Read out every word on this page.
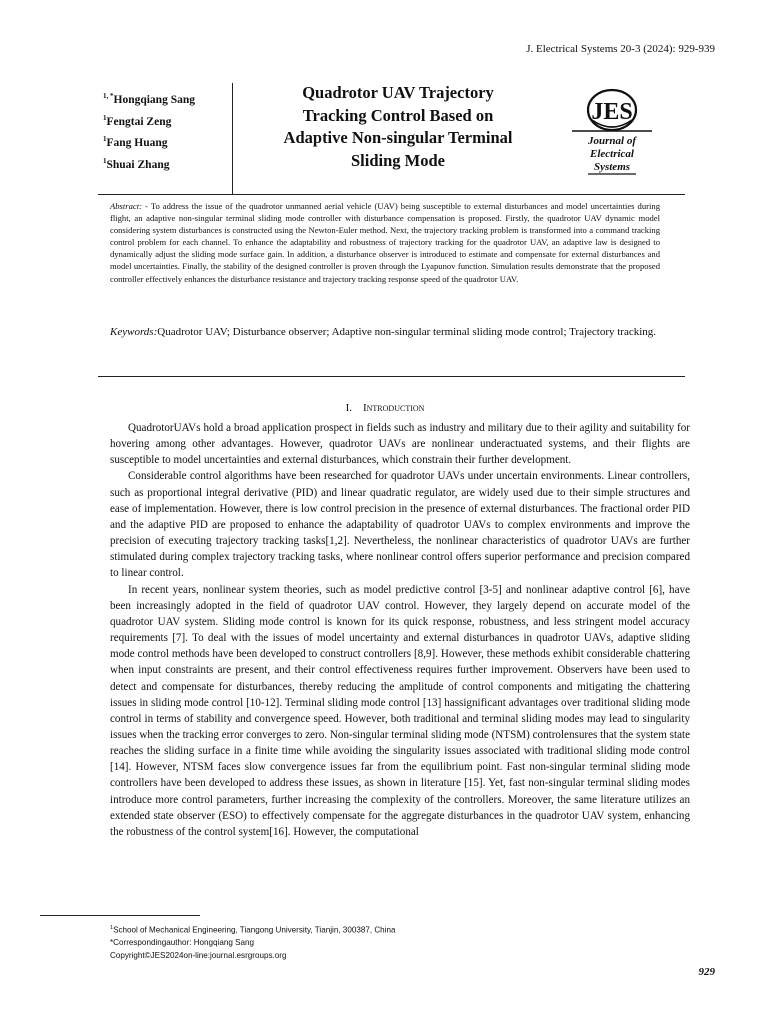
J. Electrical Systems 20-3 (2024): 929-939
$^{1, *}$Hongqiang Sang
$^1$Fengtai Zeng
$^1$Fang Huang
$^1$Shuai Zhang
Quadrotor UAV Trajectory
Tracking Control Based on
Adaptive Non-singular Terminal
Sliding Mode
JES
Journal of
Electrical
Systems
Abstract: - To address the issue of the quadrotor unmanned aerial vehicle (UAV) being susceptible to external disturbances and model uncertainties during flight, an adaptive non-singular terminal sliding mode controller with disturbance compensation is proposed. Firstly, the quadrotor UAV dynamic model considering system disturbances is constructed using the Newton-Euler method. Next, the trajectory tracking problem is transformed into a command tracking control problem for each channel. To enhance the adaptability and robustness of trajectory tracking for the quadrotor UAV, an adaptive law is designed to dynamically adjust the sliding mode surface gain. In addition, a disturbance observer is introduced to estimate and compensate for external disturbances and model uncertainties. Finally, the stability of the designed controller is proven through the Lyapunov function. Simulation results demonstrate that the proposed controller effectively enhances the disturbance resistance and trajectory tracking response speed of the quadrotor UAV.
Keywords:Quadrotor UAV; Disturbance observer; Adaptive non-singular terminal sliding mode control; Trajectory tracking.
I. Introduction

QuadrotorUAVs hold a broad application prospect in fields such as industry and military due to their agility and suitability for hovering among other advantages. However, quadrotor UAVs are nonlinear underactuated systems, and their flights are susceptible to model uncertainties and external disturbances, which constrain their further development.

Considerable control algorithms have been researched for quadrotor UAVs under uncertain environments. Linear controllers, such as proportional integral derivative (PID) and linear quadratic regulator, are widely used due to their simple structures and ease of implementation. However, there is low control precision in the presence of external disturbances. The fractional order PID and the adaptive PID are proposed to enhance the adaptability of quadrotor UAVs to complex environments and improve the precision of executing trajectory tracking tasks[1,2]. Nevertheless, the nonlinear characteristics of quadrotor UAVs are further stimulated during complex trajectory tracking tasks, where nonlinear control offers superior performance and precision compared to linear control.

In recent years, nonlinear system theories, such as model predictive control [3-5] and nonlinear adaptive control [6], have been increasingly adopted in the field of quadrotor UAV control. However, they largely depend on accurate model of the quadrotor UAV system. Sliding mode control is known for its quick response, robustness, and less stringent model accuracy requirements [7]. To deal with the issues of model uncertainty and external disturbances in quadrotor UAVs, adaptive sliding mode control methods have been developed to construct controllers [8,9]. However, these methods exhibit considerable chattering when input constraints are present, and their control effectiveness requires further improvement. Observers have been used to detect and compensate for disturbances, thereby reducing the amplitude of control components and mitigating the chattering issues in sliding mode control [10-12]. Terminal sliding mode control [13] hassignificant advantages over traditional sliding mode control in terms of stability and convergence speed. However, both traditional and terminal sliding modes may lead to singularity issues when the tracking error converges to zero. Non-singular terminal sliding mode (NTSM) controlensures that the system state reaches the sliding surface in a finite time while avoiding the singularity issues associated with traditional sliding mode control [14]. However, NTSM faces slow convergence issues far from the equilibrium point. Fast non-singular terminal sliding mode controllers have been developed to address these issues, as shown in literature [15]. Yet, fast non-singular terminal sliding modes introduce more control parameters, further increasing the complexity of the controllers. Moreover, the same literature utilizes an extended state observer (ESO) to effectively compensate for the aggregate disturbances in the quadrotor UAV system, enhancing the robustness of the control system[16]. However, the computational

$^1$School of Mechanical Engineering, Tiangong University, Tianjin, 300387, China
*Correspondingauthor: Hongqiang Sang
Copyright©JES2024on-line:journal.esrgroups.org
929
